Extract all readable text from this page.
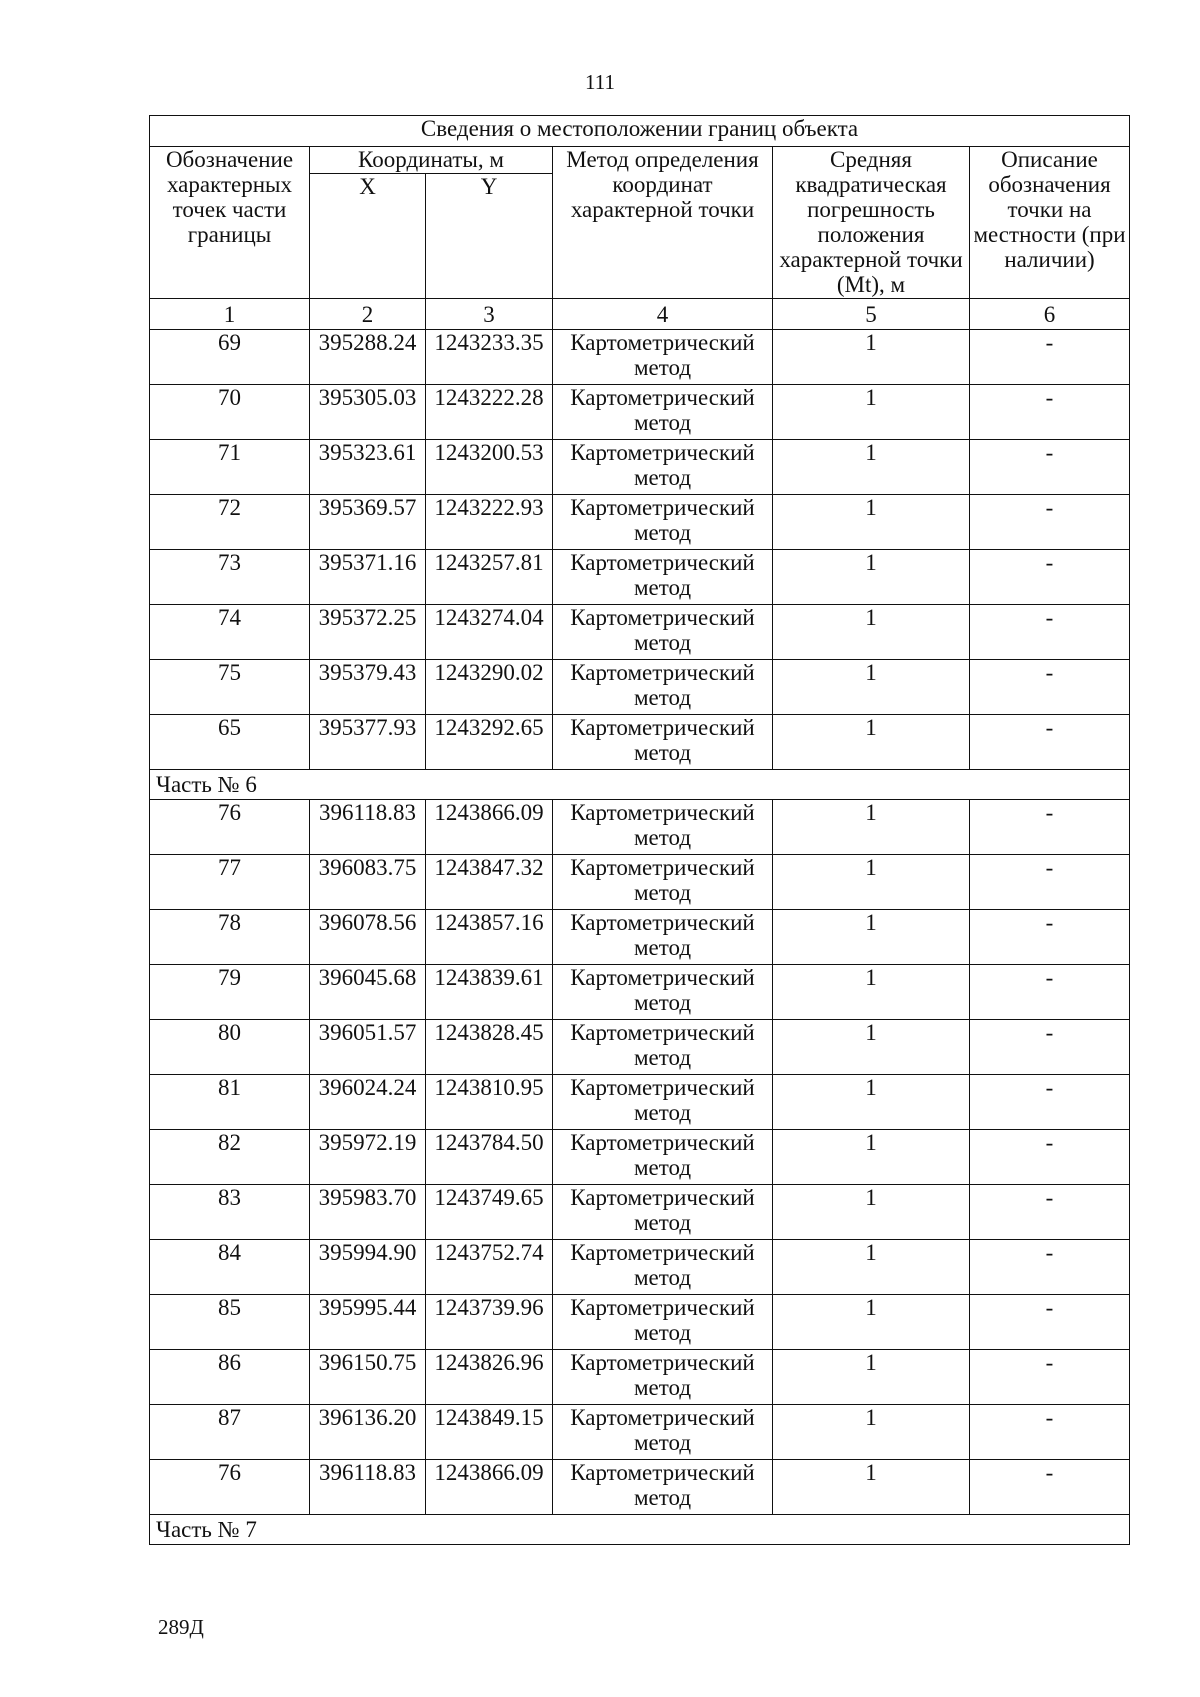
111
Сведения о местоположении границ объекта					
Обозначение характерных точек части границы	Координаты, м		Метод определения координат характерной точки	Средняя квадратическая погрешность положения характерной точки (Mt), м	Описание обозначения точки на местности (при наличии)
	X	Y			
1	2	3	4	5	6
69	395288.24	1243233.35	Картометрический метод	1	-
70	395305.03	1243222.28	Картометрический метод	1	-
71	395323.61	1243200.53	Картометрический метод	1	-
72	395369.57	1243222.93	Картометрический метод	1	-
73	395371.16	1243257.81	Картометрический метод	1	-
74	395372.25	1243274.04	Картометрический метод	1	-
75	395379.43	1243290.02	Картометрический метод	1	-
65	395377.93	1243292.65	Картометрический метод	1	-
Часть № 6					
76	396118.83	1243866.09	Картометрический метод	1	-
77	396083.75	1243847.32	Картометрический метод	1	-
78	396078.56	1243857.16	Картометрический метод	1	-
79	396045.68	1243839.61	Картометрический метод	1	-
80	396051.57	1243828.45	Картометрический метод	1	-
81	396024.24	1243810.95	Картометрический метод	1	-
82	395972.19	1243784.50	Картометрический метод	1	-
83	395983.70	1243749.65	Картометрический метод	1	-
84	395994.90	1243752.74	Картометрический метод	1	-
85	395995.44	1243739.96	Картометрический метод	1	-
86	396150.75	1243826.96	Картометрический метод	1	-
87	396136.20	1243849.15	Картометрический метод	1	-
76	396118.83	1243866.09	Картометрический метод	1	-
Часть № 7					
289Д
